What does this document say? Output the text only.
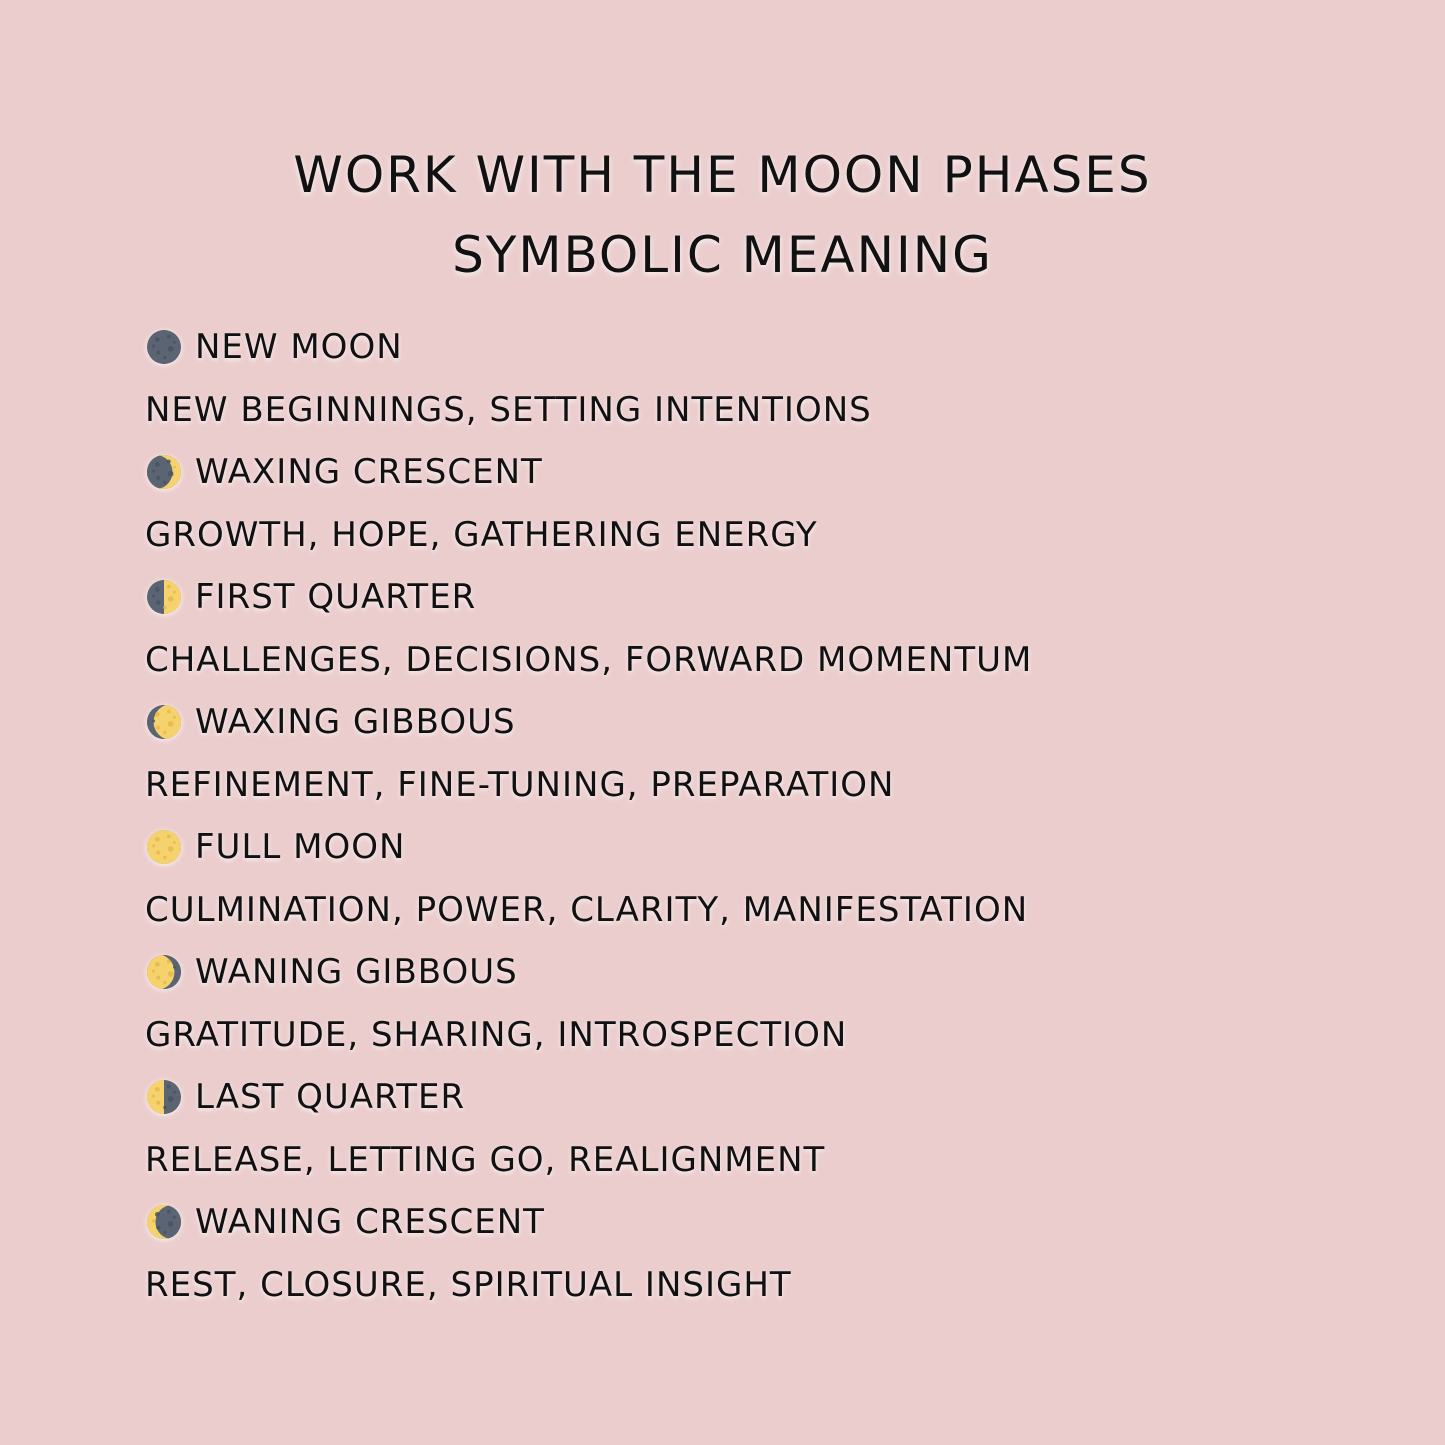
WORK WITH THE MOON PHASES
SYMBOLIC MEANING
NEW MOON
NEW BEGINNINGS, SETTING INTENTIONS
WAXING CRESCENT
GROWTH, HOPE, GATHERING ENERGY
FIRST QUARTER
CHALLENGES, DECISIONS, FORWARD MOMENTUM
WAXING GIBBOUS
REFINEMENT, FINE-TUNING, PREPARATION
FULL MOON
CULMINATION, POWER, CLARITY, MANIFESTATION
WANING GIBBOUS
GRATITUDE, SHARING, INTROSPECTION
LAST QUARTER
RELEASE, LETTING GO, REALIGNMENT
WANING CRESCENT
REST, CLOSURE, SPIRITUAL INSIGHT
